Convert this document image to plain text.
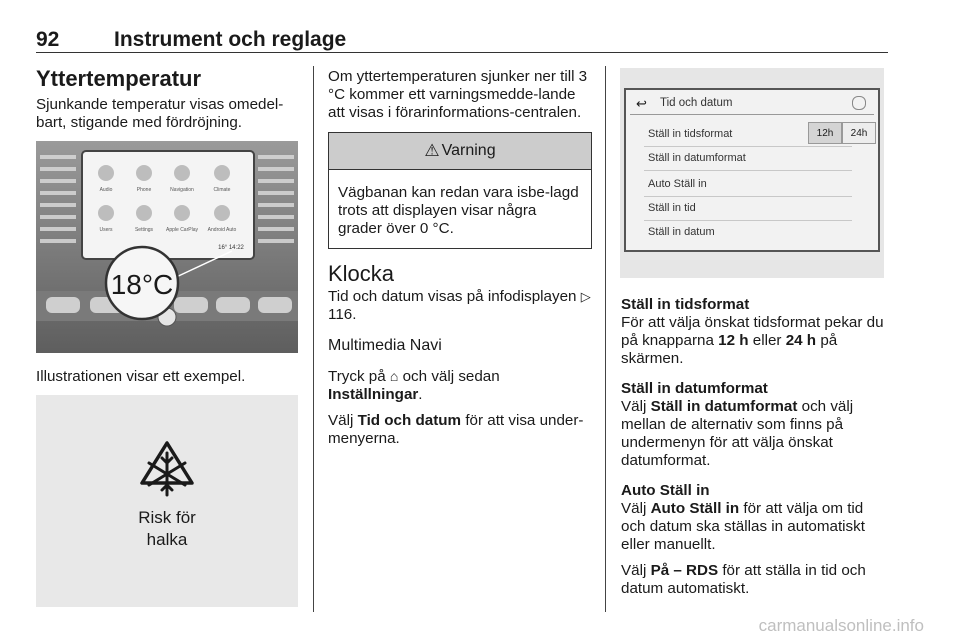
92	Instrument och reglage
Yttertemperatur

Sjunkande temperatur visas omedel-bart, stigande med fördröjning.

Audio	Phone	Navigation	Climate
Users	Settings	Apple CarPlay Android Auto
16° 14:22
18°C

Illustrationen visar ett exempel.

Risk för
halka

Om yttertemperaturen sjunker ner till 3 °C kommer ett varningsmedde-lande att visas i förarinformations-centralen.

⚠ Varning
Vägbanan kan redan vara isbe-lagd trots att displayen visar några grader över 0 °C.
Klocka

Tid och datum visas på infodisplayen ▷ 116.

Multimedia Navi

Tryck på ⌂ och välj sedan Inställningar.

Välj Tid och datum för att visa under-menyerna.

↩ Tid och datum
Ställ in tidsformat	12h	24h
Ställ in datumformat
Auto Ställ in
Ställ in tid
Ställ in datum

Ställ in tidsformat

För att välja önskat tidsformat pekar du på knapparna 12 h eller 24 h på skärmen.

Ställ in datumformat

Välj Ställ in datumformat och välj mellan de alternativ som finns på undermenyn för att välja önskat datumformat.

Auto Ställ in

Välj Auto Ställ in för att välja om tid och datum ska ställas in automatiskt eller manuellt.

Välj På – RDS för att ställa in tid och datum automatiskt.

carmanualsonline.info
